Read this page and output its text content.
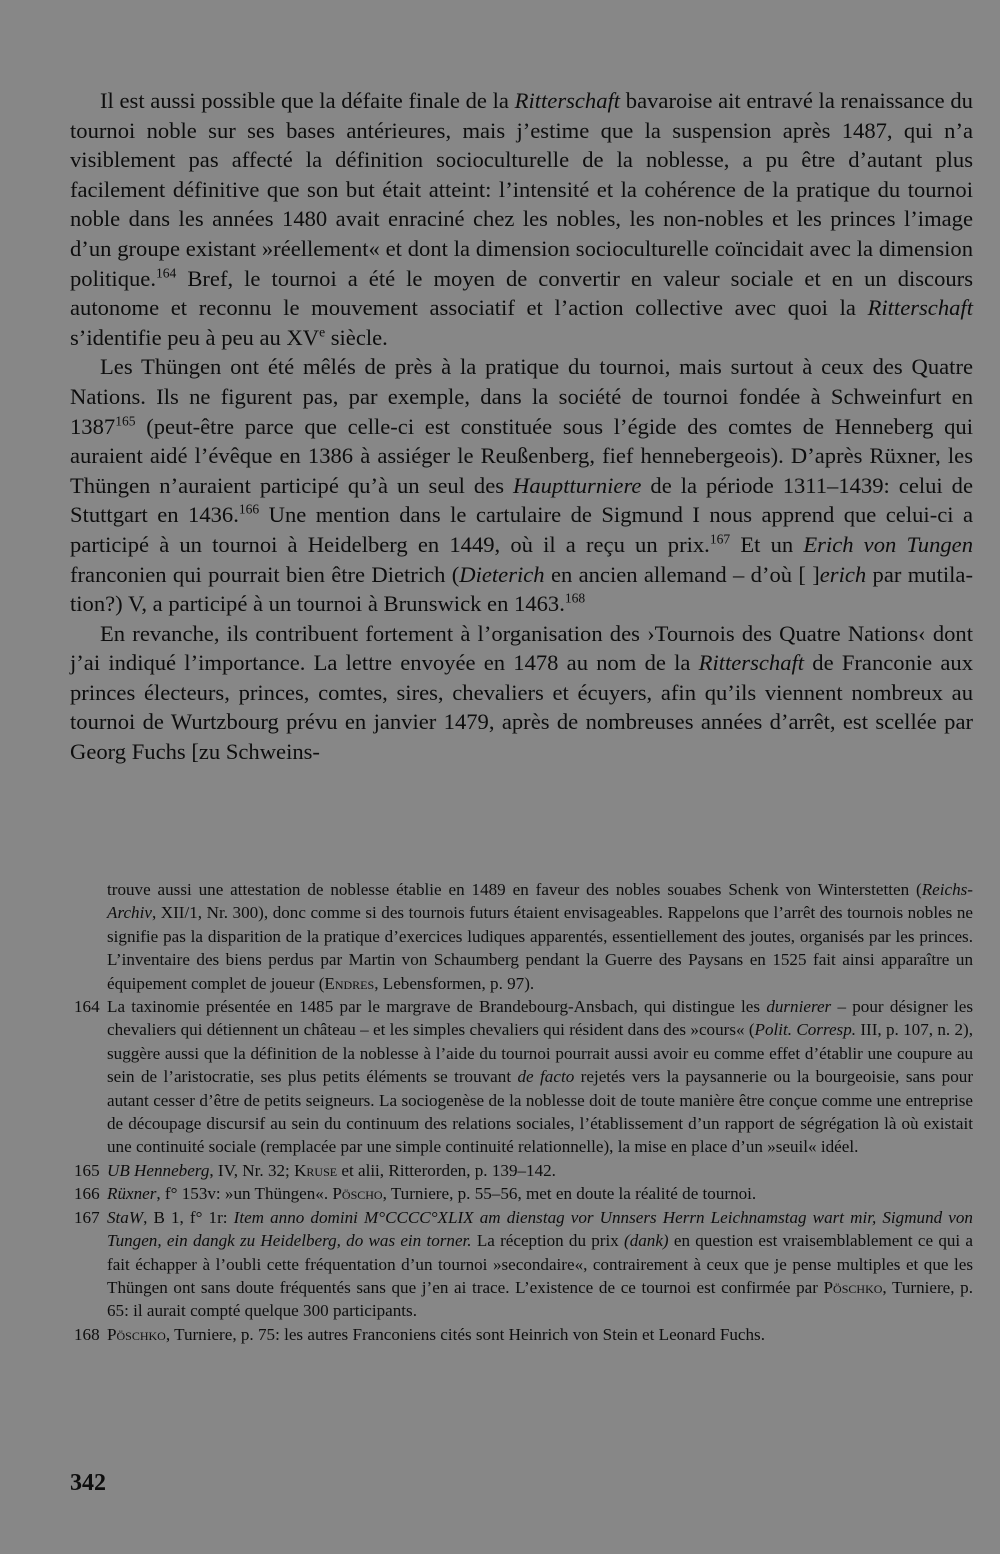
Il est aussi possible que la défaite finale de la Ritterschaft bavaroise ait entravé la renaissance du tournoi noble sur ses bases antérieures, mais j’estime que la suspension après 1487, qui n’a visiblement pas affecté la définition socioculturelle de la noblesse, a pu être d’autant plus facilement définitive que son but était atteint: l’intensité et la cohérence de la pratique du tournoi noble dans les années 1480 avait enraciné chez les nobles, les non-nobles et les princes l’image d’un groupe existant »réellement« et dont la dimension socioculturelle coïncidait avec la dimension politique.$^{164}$ Bref, le tournoi a été le moyen de convertir en valeur sociale et en un discours autonome et reconnu le mouvement associatif et l’action collective avec quoi la Ritterschaft s’identifie peu à peu au XVe siècle.

Les Thüngen ont été mêlés de près à la pratique du tournoi, mais surtout à ceux des Quatre Nations. Ils ne figurent pas, par exemple, dans la société de tournoi fondée à Schweinfurt en 1387$^{165}$ (peut-être parce que celle-ci est constituée sous l’égide des comtes de Henneberg qui auraient aidé l’évêque en 1386 à assiéger le Reußenberg, fief hennebergeois). D’après Rüxner, les Thüngen n’auraient participé qu’à un seul des Hauptturniere de la période 1311–1439: celui de Stuttgart en 1436.$^{166}$ Une mention dans le cartulaire de Sigmund I nous apprend que celui-ci a participé à un tournoi à Heidelberg en 1449, où il a reçu un prix.$^{167}$ Et un Erich von Tungen franconien qui pourrait bien être Dietrich (Dieterich en ancien allemand – d’où [ ]erich par mutilation?) V, a participé à un tournoi à Brunswick en 1463.$^{168}$

En revanche, ils contribuent fortement à l’organisation des ›Tournois des Quatre Nations‹ dont j’ai indiqué l’importance. La lettre envoyée en 1478 au nom de la Ritterschaft de Franconie aux princes électeurs, princes, comtes, sires, chevaliers et écuyers, afin qu’ils viennent nombreux au tournoi de Wurtzbourg prévu en janvier 1479, après de nombreuses années d’arrêt, est scellée par Georg Fuchs [zu Schweins-

trouve aussi une attestation de noblesse établie en 1489 en faveur des nobles souabes Schenk von Winterstetten (Reichs-Archiv, XII/1, Nr. 300), donc comme si des tournois futurs étaient envisageables. Rappelons que l’arrêt des tournois nobles ne signifie pas la disparition de la pratique d’exercices ludiques apparentés, essentiellement des joutes, organisés par les princes. L’inventaire des biens perdus par Martin von Schaumberg pendant la Guerre des Paysans en 1525 fait ainsi apparaître un équipement complet de joueur (Endres, Lebensformen, p. 97).

164 La taxinomie présentée en 1485 par le margrave de Brandebourg-Ansbach, qui distingue les durnierer – pour désigner les chevaliers qui détiennent un château – et les simples chevaliers qui résident dans des »cours« (Polit. Corresp. III, p. 107, n. 2), suggère aussi que la définition de la noblesse à l’aide du tournoi pourrait aussi avoir eu comme effet d’établir une coupure au sein de l’aristocratie, ses plus petits éléments se trouvant de facto rejetés vers la paysannerie ou la bourgeoisie, sans pour autant cesser d’être de petits seigneurs. La sociogenèse de la noblesse doit de toute manière être conçue comme une entreprise de découpage discursif au sein du continuum des relations sociales, l’établissement d’un rapport de ségrégation là où existait une continuité sociale (remplacée par une simple continuité relationnelle), la mise en place d’un »seuil« idéel.

165 UB Henneberg, IV, Nr. 32; Kruse et alii, Ritterorden, p. 139–142.

166 Rüxner, f° 153v: »un Thüngen«. Pöscho, Turniere, p. 55–56, met en doute la réalité de tournoi.

167 StaW, B 1, f° 1r: Item anno domini M°CCCC°XLIX am dienstag vor Unnsers Herrn Leichnamstag wart mir, Sigmund von Tungen, ein dangk zu Heidelberg, do was ein torner. La réception du prix (dank) en question est vraisemblablement ce qui a fait échapper à l’oubli cette fréquentation d’un tournoi »secondaire«, contrairement à ceux que je pense multiples et que les Thüngen ont sans doute fréquentés sans que j’en ai trace. L’existence de ce tournoi est confirmée par Pöschko, Turniere, p. 65: il aurait compté quelque 300 participants.

168 Pöschko, Turniere, p. 75: les autres Franconiens cités sont Heinrich von Stein et Leonard Fuchs.

342
